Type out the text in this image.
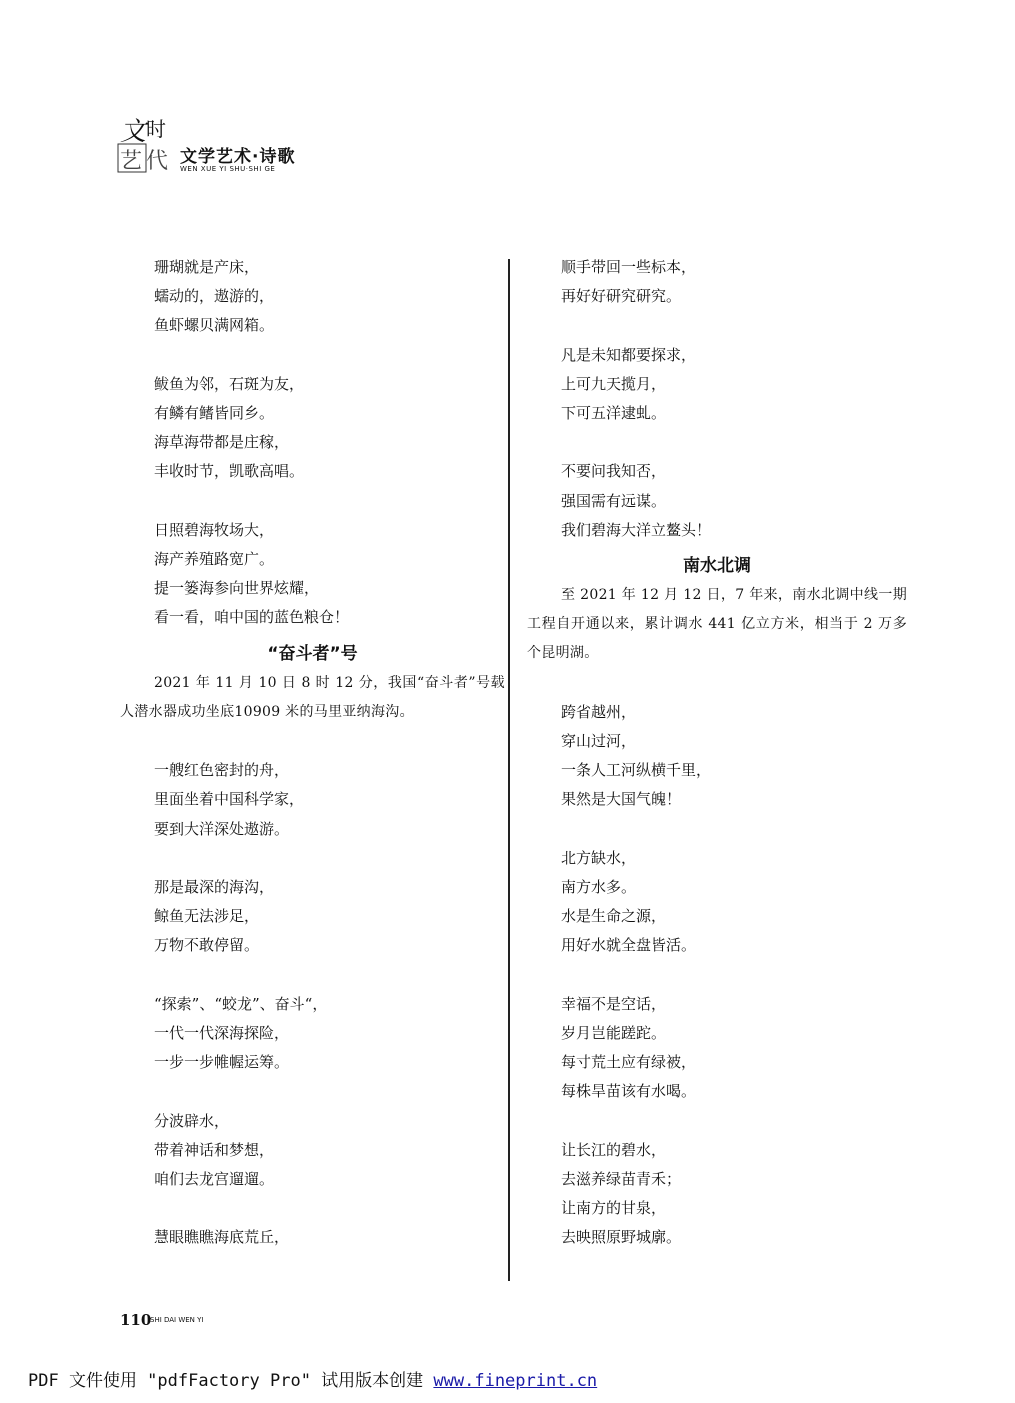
文 时
艺 代 文学艺术·诗歌
WEN XUE YI SHU·SHI GE
珊瑚就是产床，
蠕动的，遨游的，
鱼虾螺贝满网箱。
鲅鱼为邻，石斑为友，
有鳞有鳍皆同乡。
海草海带都是庄稼，
丰收时节，凯歌高唱。
日照碧海牧场大，
海产养殖路宽广。
提一篓海参向世界炫耀，
看一看，咱中国的蓝色粮仓！
“奋斗者”号
2021 年 11 月 10 日 8 时 12 分，我国“奋斗者”号载人潜水器成功坐底10909 米的马里亚纳海沟。
一艘红色密封的舟，
里面坐着中国科学家，
要到大洋深处遨游。
那是最深的海沟，
鲸鱼无法涉足，
万物不敢停留。
“探索”、“蛟龙”、奋斗“，
一代一代深海探险，
一步一步帷幄运筹。
分波辟水，
带着神话和梦想，
咱们去龙宫遛遛。
慧眼瞧瞧海底荒丘，
顺手带回一些标本，
再好好研究研究。
凡是未知都要探求，
上可九天揽月，
下可五洋逮虬。
不要问我知否，
强国需有远谋。
我们碧海大洋立鳌头！
南水北调
至 2021 年 12 月 12 日，7 年来，南水北调中线一期工程自开通以来，累计调水 441 亿立方米，相当于 2 万多个昆明湖。
跨省越州，
穿山过河，
一条人工河纵横千里，
果然是大国气魄！
北方缺水，
南方水多。
水是生命之源，
用好水就全盘皆活。
幸福不是空话，
岁月岂能蹉跎。
每寸荒土应有绿被，
每株旱苗该有水喝。
让长江的碧水，
去滋养绿苗青禾；
让南方的甘泉，
去映照原野城廓。
110
SHI DAI WEN YI
PDF 文件使用 "pdfFactory Pro" 试用版本创建 www.fineprint.cn
